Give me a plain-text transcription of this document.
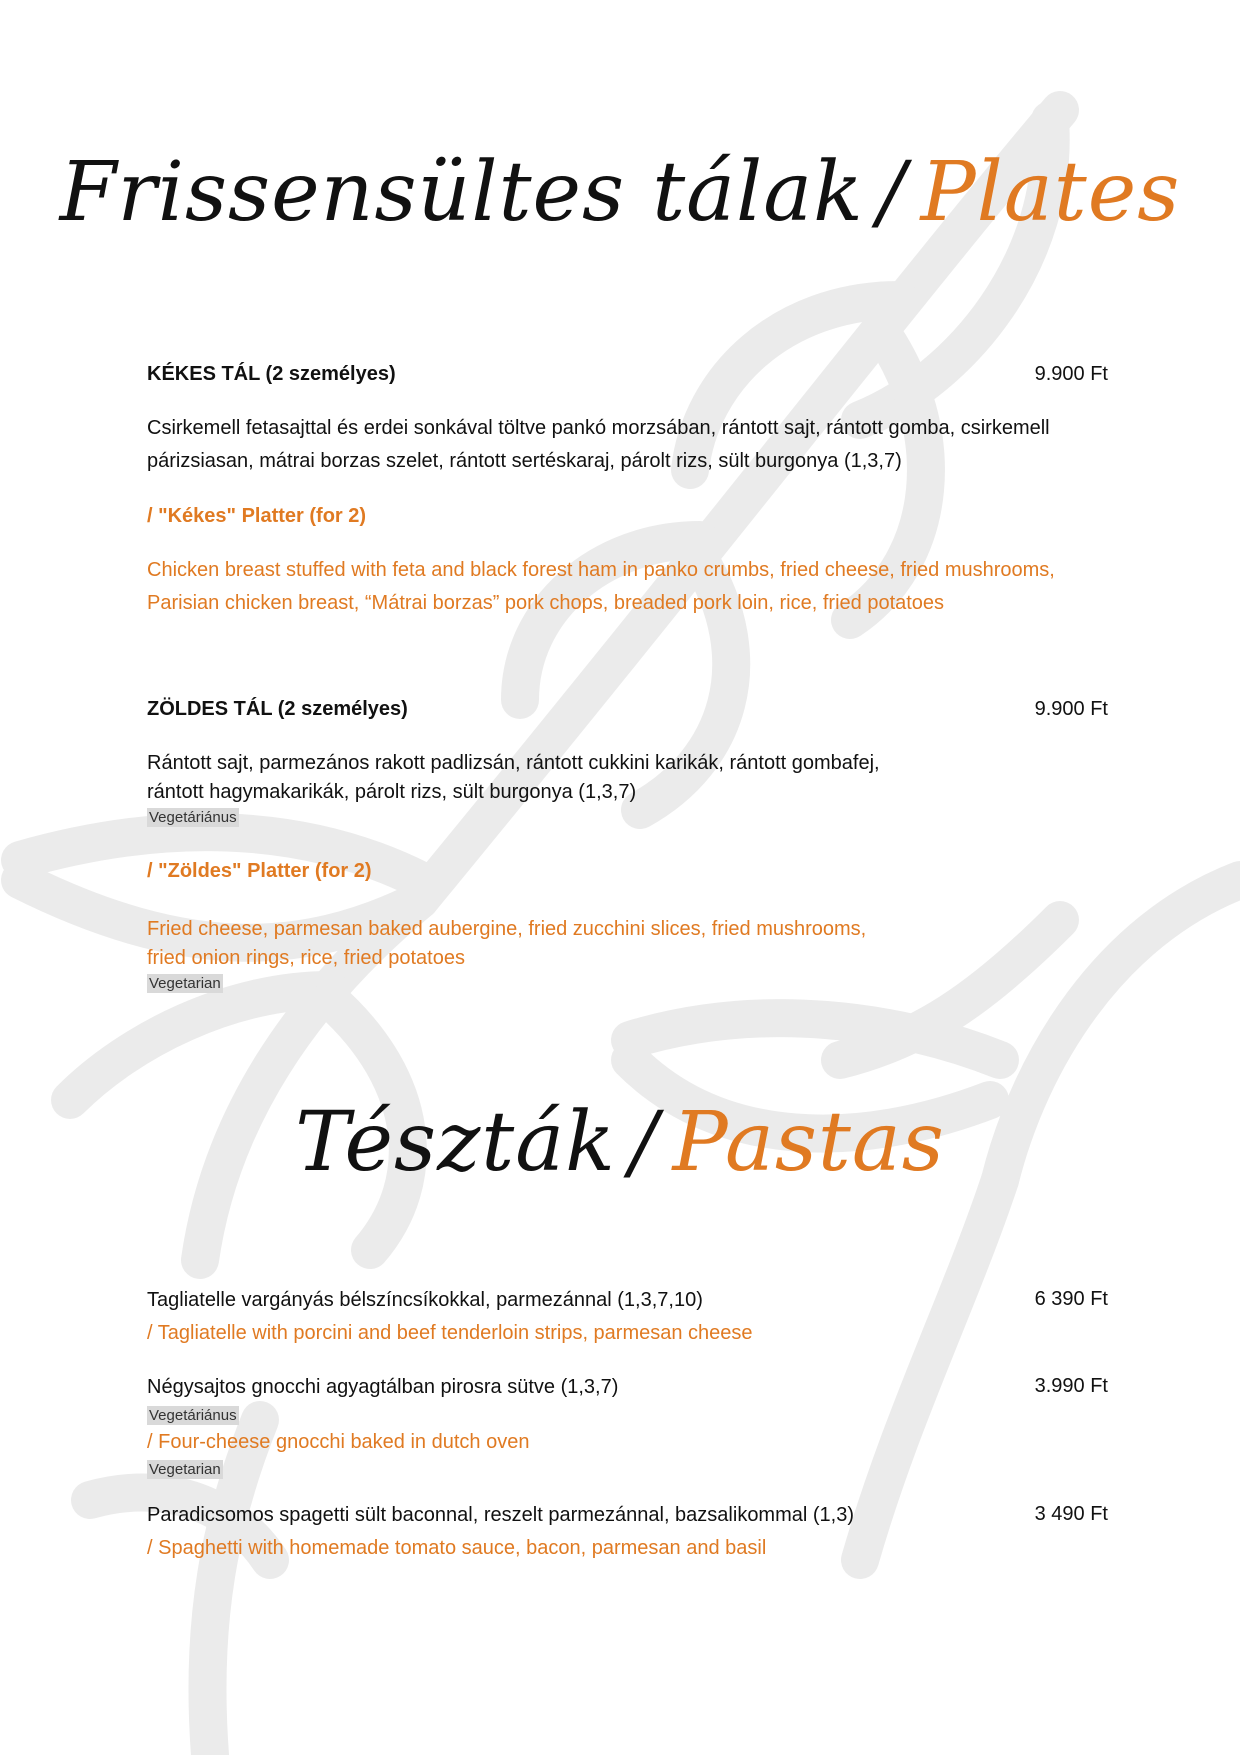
Frissensültes tálak / Plates
KÉKES TÁL (2 személyes)	9.900 Ft
Csirkemell fetasajttal és erdei sonkával töltve pankó morzsában, rántott sajt, rántott gomba, csirkemell
párizsiasan, mátrai borzas szelet, rántott sertéskaraj, párolt rizs, sült burgonya (1,3,7)
/ "Kékes" Platter (for 2)
Chicken breast stuffed with feta and black forest ham in panko crumbs, fried cheese, fried mushrooms,
Parisian chicken breast, “Mátrai borzas” pork chops, breaded pork loin, rice, fried potatoes
ZÖLDES TÁL (2 személyes)	9.900 Ft
Rántott sajt, parmezános rakott padlizsán, rántott cukkini karikák, rántott gombafej,
rántott hagymakarikák, párolt rizs, sült burgonya (1,3,7)
Vegetáriánus
/ "Zöldes" Platter (for 2)
Fried cheese, parmesan baked aubergine, fried zucchini slices, fried mushrooms,
fried onion rings, rice, fried potatoes
Vegetarian
Tészták / Pastas
Tagliatelle vargányás bélszíncsíkokkal, parmezánnal (1,3,7,10)	6 390 Ft
/ Tagliatelle with porcini and beef tenderloin strips, parmesan cheese
Négysajtos gnocchi agyagtálban pirosra sütve (1,3,7)	3.990 Ft
Vegetáriánus
/ Four-cheese gnocchi baked in dutch oven
Vegetarian
Paradicsomos spagetti sült baconnal, reszelt parmezánnal, bazsalikommal (1,3)	3 490 Ft
/ Spaghetti with homemade tomato sauce, bacon, parmesan and basil
